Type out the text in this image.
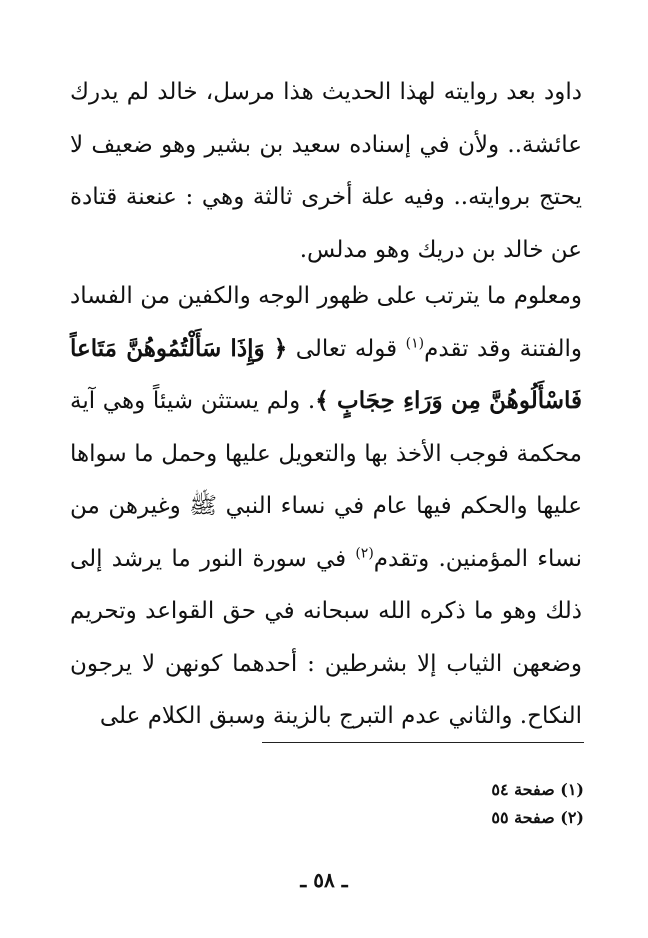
داود بعد روايته لهذا الحديث هذا مرسل، خالد لم يدرك عائشة.. ولأن في إسناده سعيد بن بشير وهو ضعيف لا يحتج بروايته.. وفيه علة أخرى ثالثة وهي : عنعنة قتادة عن خالد بن دريك وهو مدلس.

ومعلوم ما يترتب على ظهور الوجه والكفين من الفساد والفتنة وقد تقدم$^{(١)}$ قوله تعالى ﴿ وَإِذَا سَأَلْتُمُوهُنَّ مَتَاعاً فَاسْأَلُوهُنَّ مِن وَرَاءِ حِجَابٍ ﴾. ولم يستثن شيئاً وهي آية محكمة فوجب الأخذ بها والتعويل عليها وحمل ما سواها عليها والحكم فيها عام في نساء النبي ﷺ وغيرهن من نساء المؤمنين. وتقدم$^{(٢)}$ في سورة النور ما يرشد إلى ذلك وهو ما ذكره الله سبحانه في حق القواعد وتحريم وضعهن الثياب إلا بشرطين : أحدهما كونهن لا يرجون النكاح. والثاني عدم التبرج بالزينة وسبق الكلام على

(١) صفحة ٥٤

(٢) صفحة ٥٥

ـ ٥٨ ـ
